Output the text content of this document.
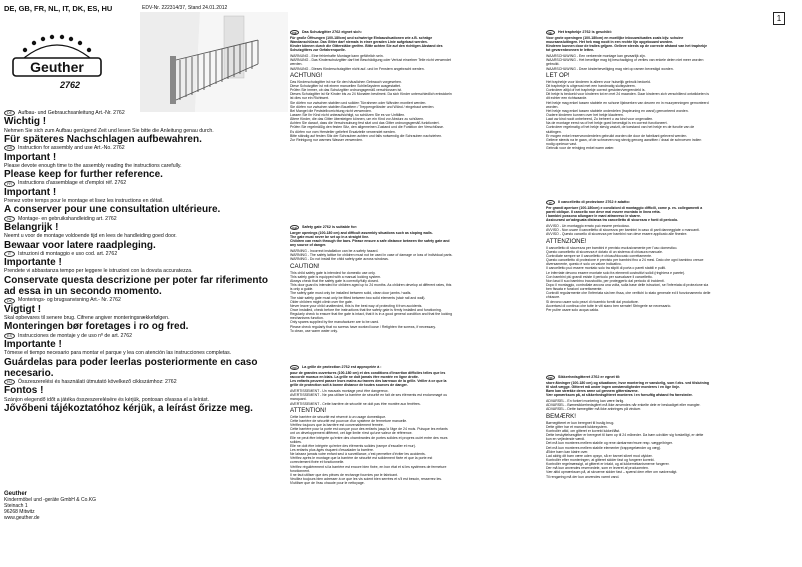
DE, GB, FR, NL, IT, DK, ES, HU	EDV-Nr. 222314/37, Stand 24.01.2012
1
Geuther
2762
DE	Aufbau- und Gebrauchsanleitung Art.-Nr. 2762
Wichtig !
Nehmen Sie sich zum Aufbau genügend Zeit und lesen Sie bitte die Anleitung genau durch.
Für späteres Nachschlagen aufbewahren.
GB	Instruction for assembly and use Art.-No. 2762
Important !
Please devote enough time to the assembly reading the instructions carefully.
Please keep for further reference.
FR	Instructions d'assemblage et d'emploi réf. 2762
Important !
Prenez votre temps pour le montage et lisez les instructions en détail.
A conserver pour une consultation ultérieure.
NL	Montage- en gebruikshandleiding art. 2762
Belangrijk !
Neemt u voor de montage voldoende tijd en lees de handleiding goed door.
Bewaar voor latere raadpleging.
IT	Istruzioni di montaggio e uso cod. art. 2762
Importante !
Prendete vi abbastanza tempo per leggere le istruzioni con la dovuta accuratezza.
Conservate questa descrizione per poter far riferimento ad essa in un secondo momento.
DK	Monterings- og brugsanvisning Art.- Nr. 2762
Vigtigt !
Skal opbevares til senere brug. Cifrene angiver monteringsrækkefølgen.
Monteringen bør foretages i ro og fred.
ES	Instrucciones de montaje y de uso nº de art. 2762
Importante !
Tómese el tiempo necesario para montar el parque y lea con atención las instrucciones completas.
Guárdelas para poder leerlas posteriormente en caso necesario.
HU	Összeszerelési és használati útmutató kövelkező cikkszámhoz: 2762
Fontos !
Szánjon elegendő időt a játéka összeszerelésére és kérjük, pontosan olvassa el a leírást.
Jővőbeni tájékoztatóhoz kérjük, a leírást őrizze meg.
Geuther
Kindermöbel und -geräte GmbH & Co.KG
Steinach 1
96268 Mitwitz
www.geuther.de
DE	Das Schutzgitter 2762 eignet sich:

Für große Öffnungen (100-180cm) und schwierige Einbausituationen wie z.B. schräge

Wandanschlüsse. Das Gitter darf niemals in einer geraden Linie aufgebaut werden.

Kinder können durch die Gitterstäbe greifen. Bitte achten Sie auf den richtigen Abstand des

Schutzgitters zur Gefahrenquelle.

WARNUNG - Eine fehlerhafte Montage kann gefährlich sein.

WARNUNG - Das Kinderschutzgitter darf bei Beschädigung oder Verlust einzelner Teile nicht verwendet

werden.

WARNUNG - Dieses Kinderschutzgitter nicht auf- und im Fenstern angebracht werden.

ACHTUNG!

Das Kinderschutzgitter ist nur für den häuslichen Gebrauch vorgesehen.

Diese Schutzgitter ist mit einem manuellen Schließsystem ausgestattet.

Prüfen Sie immer, ob das Schutzgitter ordnungsgemäß verschlossen ist.

Dieses Schutzgitter ist für Kinder bis zu 24 Monaten bestimmt. Da sich Kinder unterschiedlich entwickeln

ist dies nur ein Richtwert.

Sie dürfen nur zwischen stabilen und soliden Türrahmen oder Wänden montiert werden.

Sie dürfen nur zwischen stabilen Baueltern / Treppengeländer und Wänd / eingebaut werden.

Bei Mangel die Feststellvorrichtung nicht verwenden.

Lassen Sie Ihr Kind nicht unbeaufsichtigt, so schützen Sie es vor Unfällen.

Ältere Kinder, die das Gitter übersteigen können, um ein Kind vor Absturz zu schützen.

Achten Sie darauf, dass die Verschraubung fest sitzt und das Gitter ordnungsgemäß funktioniert.

Prüfen Sie regelmäßig den festen Sitz, den allgemeinen Zustand und die Funktion der Verschlüsse.

Es dürfen nur vom Hersteller geliefert Ersatzteile verwendet werden.

Bitte ständig auf festen Sitz der Schrauben achten und falls notwendig die Schrauben nachziehen.

Zur Reinigung nur warmes Wasser verwenden.

GB	Safety gate 2762 is suitable for:

Larger openings (100-180 cm) and difficult assembly situations such as sloping walls.

The gate must never be set up in a straight line.

Children can reach through the bars. Please ensure a safe distance between the safety gate and

any source of danger.

WARNING - Incorrect installation can be a safety hazard.

WARNING - The safety lattice for children must not be used in case of damage or loss of individual parts.

WARNING - Do not install the child safety gate across windows.

CAUTION!

This child safety gate is intended for domestic use only.

This safety gate is equipped with a manual locking system.

Always check that the safety gate is correctly/fully closed.

This door guard is intended for children aged up to 24 months. As children develop at different rates, this

is only a guide.

The safety gate must only be installed between solid, clean door jambs / walls.

The stair safety gate must only be fitted between two solid elements (stair rail and wall).

Older children might climb over the gate.

Never leave your child unattended, this is the best way of protecting it from accidents.

Once installed, check before the instructions that the safety gate is firmly installed and functioning.

Regularly check to ensure that the gate is intact, that it is in a good general condition and that the locking

mechanisms function.

Only spares supplied by the manufacturer are to be used.

Please check regularly that no screws have worked loose / Retighten the screws, if necessary.

To clean, use warm water only.

FR	La grille de protection 2762 est appropriée à :

pour de grandes ouvertures (100-180 cm) et des conditions d'insertion difficiles telles que les

raccordé muraux en biais. La grille ne doit jamais être montée en ligne droite.

Les enfants peuvent passer leurs mains au travers des barreaux de la grille. Veiller à ce que la

grille de protection soit à bonne distance de toutes sources de danger.

AVERTISSEMENT - Un mauvais montage peut être dangereux.

AVERTISSEMENT - Ne pas utiliser la barrière de sécurité en fait de ses éléments est endommagé ou

manquant.

AVERTISSEMENT - Cette barrière de sécurité ne doit pas être montée aux fenêtres.

ATTENTION!

Cette barrière de sécurité est réservé à un usage domestique.

Cette barrière de sécurité est pourvue d'un système de fermeture manuelle.

Vérifiez toujours que la barrière est convenablement fermée.

Cette barrière pour la porte est conçue pour des enfants jusqu'à l'âge de 24 mois. Puisque les enfants

ont un développement différent, cet âge limite n'est qu'une valeur de référence.

Elle ne peut être intégrée qu'entre des chambranles de portes solides et propres ou/et entre des murs

solides.

Elle ne doit être intégrée qu'entre des éléments solides (rampe d'escalier et mur).

Les enfants plus âgés risquent d'escalader la barrière.

Ne laissez jamais votre enfant seul à surveillance, c'est permettre d'éviter les accidents.

Vérifiez après le montage que la barrière de sécurité est solidement fixée et que la porte est

correctement fixée et fonctionnelle.

Vérifiez régulièrement si la barrière est encore bien fixée, en bon état et si les systèmes de fermeture

fonctionnent.

Il ne faut utiliser que des pièces de rechange fournies par le fabricant.

Veuillez toujours bien adresser à ce que les vis soient bien serrées et s'il est besoin, resserrez les.

N'utiliser que de l'eau chaude pour le nettoyage.

NL	Het traphekje 2762 is geschikt:

Voor grote openingen (100-180cm) en moeilijke inbouwsituaties zoals bijv. schuine

muuraansluitingen. Het hek mag nooit in een rechte lijn opgebouwd worden.

Kinderen kunnen door de tralies grijpen. Gelieve steeds op de correcte afstand van het traphekje

tot gevarenbronnen te letten.

WAARSCHUWING - Een verkeerde montage kan gevaarlijk zijn.

WAARSCHUWING - Het beveilige mag bij beschadiging of verlies van enkele delen niet meer worden

gebruikt.

WAARSCHUWING - Deze kinderbeveiliging mag niet op ramen bevestigd worden.

LET OP!

Het traphekje voor kinderen is alleen voor huiselijk gebruik bedoeld.

Dit traphekje is uitgerust met een handmatig sluitsysteem.

Controleer altijd of het traphekje correct gesloten/vergrendeld is.

Dit hekje is bedoeld voor kinderen tot en met 24 maanden. Daar kinderen zich verschillend ontwikkelen is

dit echter een richtwaarde.

Het hekje mag enkel tussen stabiele en schone lijstwerken van deuren en in muurpenningen gemonteerd

worden.

Het hekje mag enkel tussen stabiele onderdelen (trapleuning en wand) gemonteerd worden.

Oudere kinderen kunnen over het hekje klauteren.

Laat uw kind nooit onbeheerd, Zo beheert u uw kind voor ongevallen.

Na de montage eerst na of het hekje goed bevestigd is en correct functioneert.

Controleer regelmatig of het hekje stevig vastzit, de toestand van het hekje en de functie van de

sluitingen.

Er mogen enkel reserveonderdelen gebruikt worden die door de fabrikant geleverd werden.

Gelieve steeds na te gaan, of de schroeven nog stevig genoeg aanzitten / draai de schroeven indien

nodig opnieuw vast.

Gebruik voor de reiniging enkel warm water.

IT	Il cancelletto di protezione 2762 è adatto:

Per grandi aperture (100-180cm) e condizioni di montaggio difficili, come p. es. collegamenti a

pareti oblique. Il cancello non deve mai essere montato in linea retta.

I bambini possono allungare le mani attraverso le sbarre.

Assicurarsi un'adeguata distanza tra cancelletto di sicurezza e fonti di pericolo.

AVVISO - Un montaggio errato può essere pericoloso.

AVVISO - Non usare il cancelletto di sicurezza per bambini in caso di parti danneggiate o mancanti.

AVVISO - Questo cancello di sicurezza per bambini non deve essere applicato alle finestre.

ATTENZIONE!

Il cancelletto di sicurezza per bambini è previsto esclusivamente per l'uso domestico.

Questo cancelletto di sicurezza è dotato di un sistema di chiusura manuale.

Controllate sempre se il cancelletto è chiuso/bloccato correttamente.

Questo cancelletto di protezione è previsto per bambini fino a 24 mesi. Dato che ogni bambino cresce

diversamente, questo è solo un valore indicativo.

Il cancelletto può essere montato solo tra stipiti di porta o pareti stabili e puliti.

Le inferriate devono essere montate solo fra elementi costruttivi solidi (ringhiera e parete).

Con bambini più grandi esiste il pericolo per scavalcare il cancelletto.

Non lasci il suo bambino incustodito, per proteggerlo dal pericolo di incidenti.

Dopo il montaggio, controllate ancora una volta, sulla base delle istruzioni, se l'inferriata di protezione sia

ben fissata e funzioni correttamente.

Controlli regolarmente che l'inferriata sia ben fissa, che verifichi lo stato generale ed il funzionamento delle

chiusure.

Si devono usare solo pezzi di ricambio forniti dal produttore.

Accertarsi di continuo che tutte le viti siano ben serrate! Stringerle se necessario.

Per pulire usare solo acqua calda.

DK	Sikkerhedsgitteret 2762 er egnet til:

store åbninger (100-180 cm) og situationer, hvor montering er vanskelig, som f.eks. ved tilslutning

til skrå vægge. Gitteret må under ingen omstændigheder monteres i en lige linje.

Børn kan strække deres arme ud gennem gitterstavene.

Vær opmærksom på, at sikkerhedsgitteret monteres i en fornuftig afstand fra faresteder.

ADVARSEL - En forkert montering kan være farlig.

ADVARSEL - Børnesikkerhedsgitret må ikke anvendes når enkelte dele er beskadiget eller mangler.

ADVARSEL - Dette børnegitter må ikke anbringes på vinduer.

BEMÆRK!

Børnegitteret er kun beregnet til huslig brug.

Dette gitter har et manuelt lukkesystem.

Kontrollér altid, om gitteret er korrekt lukket/låst.

Dette beskyttelsesgitter er beregnet til børn op til 24 måneder. Da børn udvikler sig forskelligt, er dette

kun en vejledende værdi.

Det må kun monteres mellem stabile og rene dørkarmer/mure resp. vægge/birger.

Det må kun monteres mellem stabile elementer (trappegelænder og væg).

Ældre børn kan klatre over.

Lad aldrig dit barn være uden opsyn, så er barnet sikret mod ulykker.

Kontrollér efter monteringen, at gitteret sidder fast og fungerer korrekt.

Kontrollér regelmæssigt, at gitteret er intakt, og at lukkemekanismerne fungerer.

Der må kun anvendes reservedele, som er leveret af producenten.

Vær altid opmærksom på, at skruerne sidder fast – spænd dem efter om nødvendigt.

Til rengøring må der kun anvendes varmt vand.
